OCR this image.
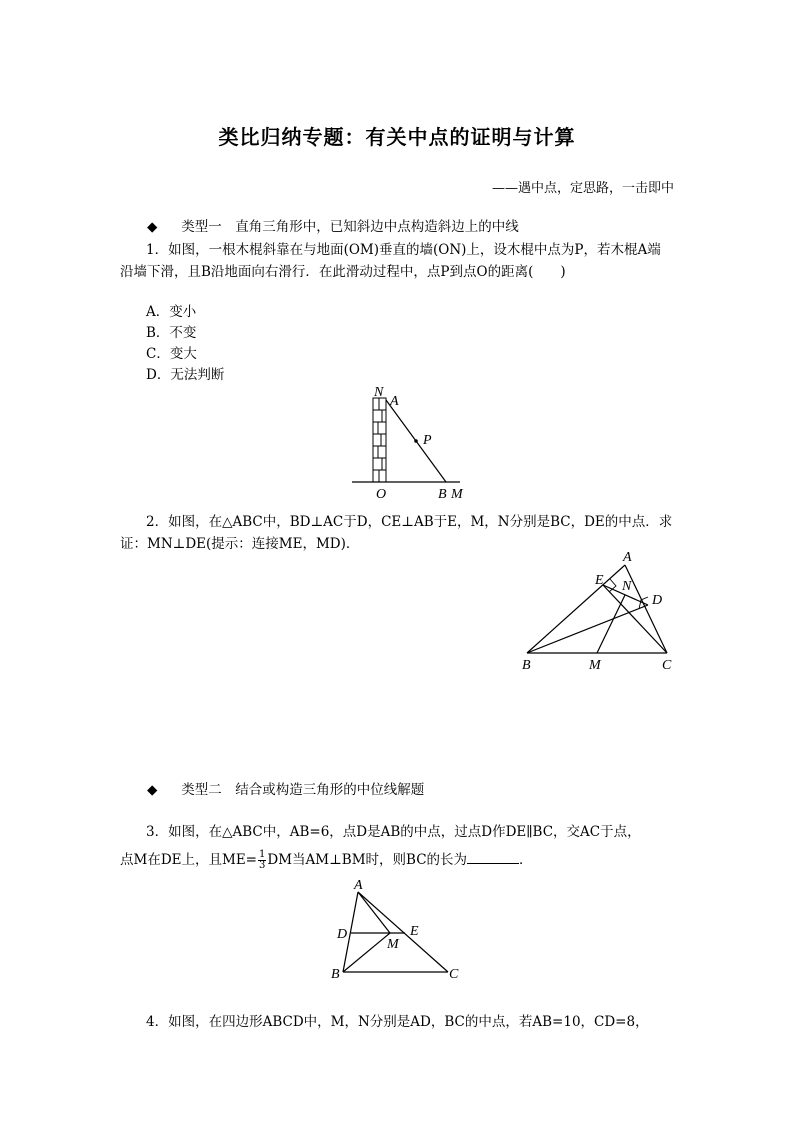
类比归纳专题：有关中点的证明与计算
——遇中点，定思路，一击即中
◆ 类型一　直角三角形中，已知斜边中点构造斜边上的中线
1．如图，一根木棍斜靠在与地面(OM)垂直的墙(ON)上，设木棍中点为P，若木棍A端
沿墙下滑，且B沿地面向右滑行．在此滑动过程中，点P到点O的距离(　　)
A．变小
B．不变
C．变大
D．无法判断
N
A
P
O	B M
2．如图，在△ABC中，BD⊥AC于D，CE⊥AB于E，M，N分别是BC，DE的中点．求
证：MN⊥DE(提示：连接ME，MD)．
A
E N
D
B	M	C
◆ 类型二　结合或构造三角形的中位线解题
3．如图，在△ABC中，AB=6，点D是AB的中点，过点D作DE∥BC，交AC于点，
点M在DE上，且$ME= \frac{1}{3}$ DM当AM⊥BM时，则BC的长为	．
A
D	E
M
B	C
4．如图，在四边形ABCD中，M，N分别是AD，BC的中点，若AB=10，CD=8，
